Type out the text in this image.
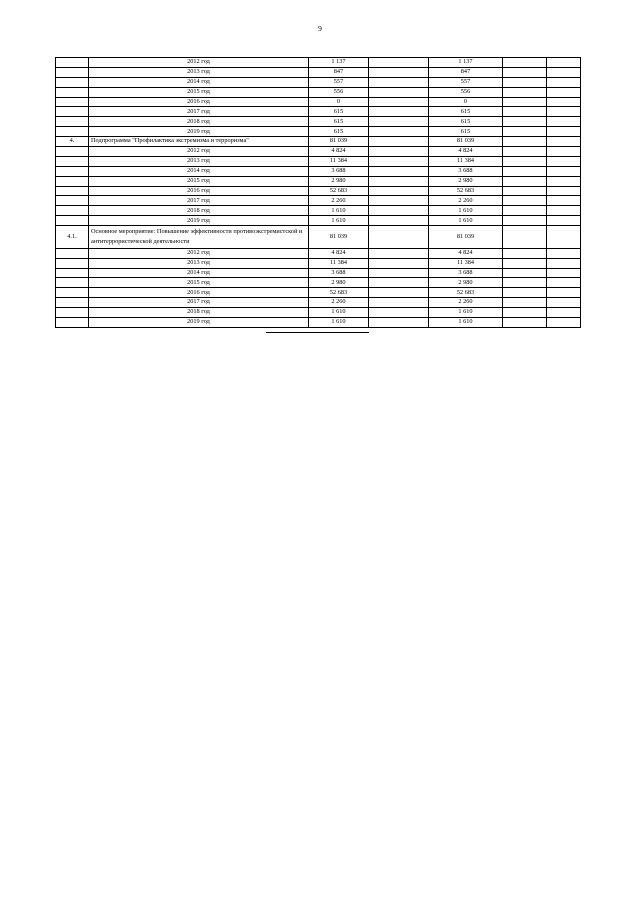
9
	2012 год	1 137		1 137		
	2013 год	847		847		
	2014 год	557		557		
	2015 год	556		556		
	2016 год	0		0		
	2017 год	615		615		
	2018 год	615		615		
	2019 год	615		615		
4.	Подпрограмма "Профилактика экстремизма и терроризма"	81 039		81 039		
	2012 год	4 824		4 824		
	2013 год	11 384		11 384		
	2014 год	3 688		3 688		
	2015 год	2 980		2 980		
	2016 год	52 683		52 683		
	2017 год	2 260		2 260		
	2018 год	1 610		1 610		
	2019 год	1 610		1 610		
4.1.	Основное мероприятие: Повышение эффективности противоэкстремистской и антитеррористической деятельности	81 039		81 039		
	2012 год	4 824		4 824		
	2013 год	11 384		11 384		
	2014 год	3 688		3 688		
	2015 год	2 980		2 980		
	2016 год	52 683		52 683		
	2017 год	2 260		2 260		
	2018 год	1 610		1 610		
	2019 год	1 610		1 610		
